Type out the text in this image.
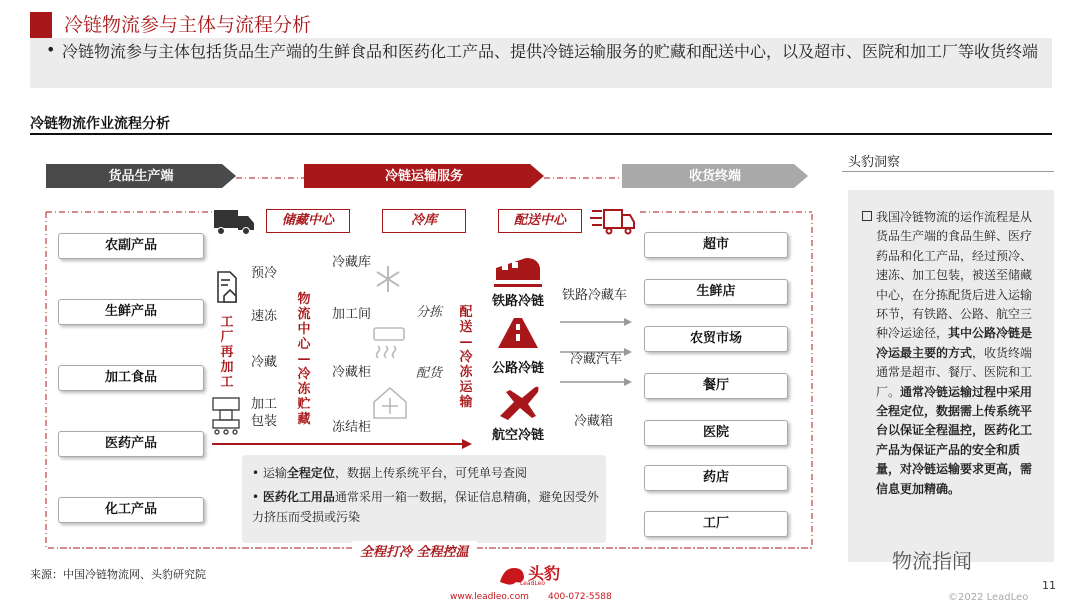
冷链物流参与主体与流程分析
• 冷链物流参与主体包括货品生产端的生鲜食品和医药化工产品、提供冷链运输服务的贮藏和配送中心，以及超市、医院和加工厂等收货终端
冷链物流作业流程分析
货品生产端	冷链运输服务	收货终端
农副产品
生鲜产品
加工食品
医药产品
化工产品
超市
生鲜店
农贸市场
餐厅
医院
药店
工厂
储藏中心	冷库	配送中心
工厂再加工
预冷
速冻
冷藏
加工
包装
物流中心—冷冻贮藏
冷藏库
加工间
冷藏柜
冻结柜
分拣
配货
配送—冷冻运输
铁路冷链
公路冷链
航空冷链
铁路冷藏车
冷藏汽车
冷藏箱
• 运输全程定位，数据上传系统平台，可凭单号查阅
• 医药化工用品通常采用一箱一数据，保证信息精确，避免因受外力挤压而受损或污染
全程打冷 全程控温
头豹洞察
我国冷链物流的运作流程是从货品生产端的食品生鲜、医疗药品和化工产品，经过预冷、速冻、加工包装，被送至储藏中心，在分拣配货后进入运输环节，有铁路、公路、航空三种冷运途径，其中公路冷链是冷运最主要的方式，收货终端通常是超市、餐厅、医院和工厂。通常冷链运输过程中采用全程定位，数据需上传系统平台以保证全程温控，医药化工产品为保证产品的安全和质量，对冷链运输要求更高，需信息更加精确。
来源：中国冷链物流网、头豹研究院
物流指闻
11
©2022 LeadLeo
头豹
LeadLeo
www.leadleo.com 400-072-5588
